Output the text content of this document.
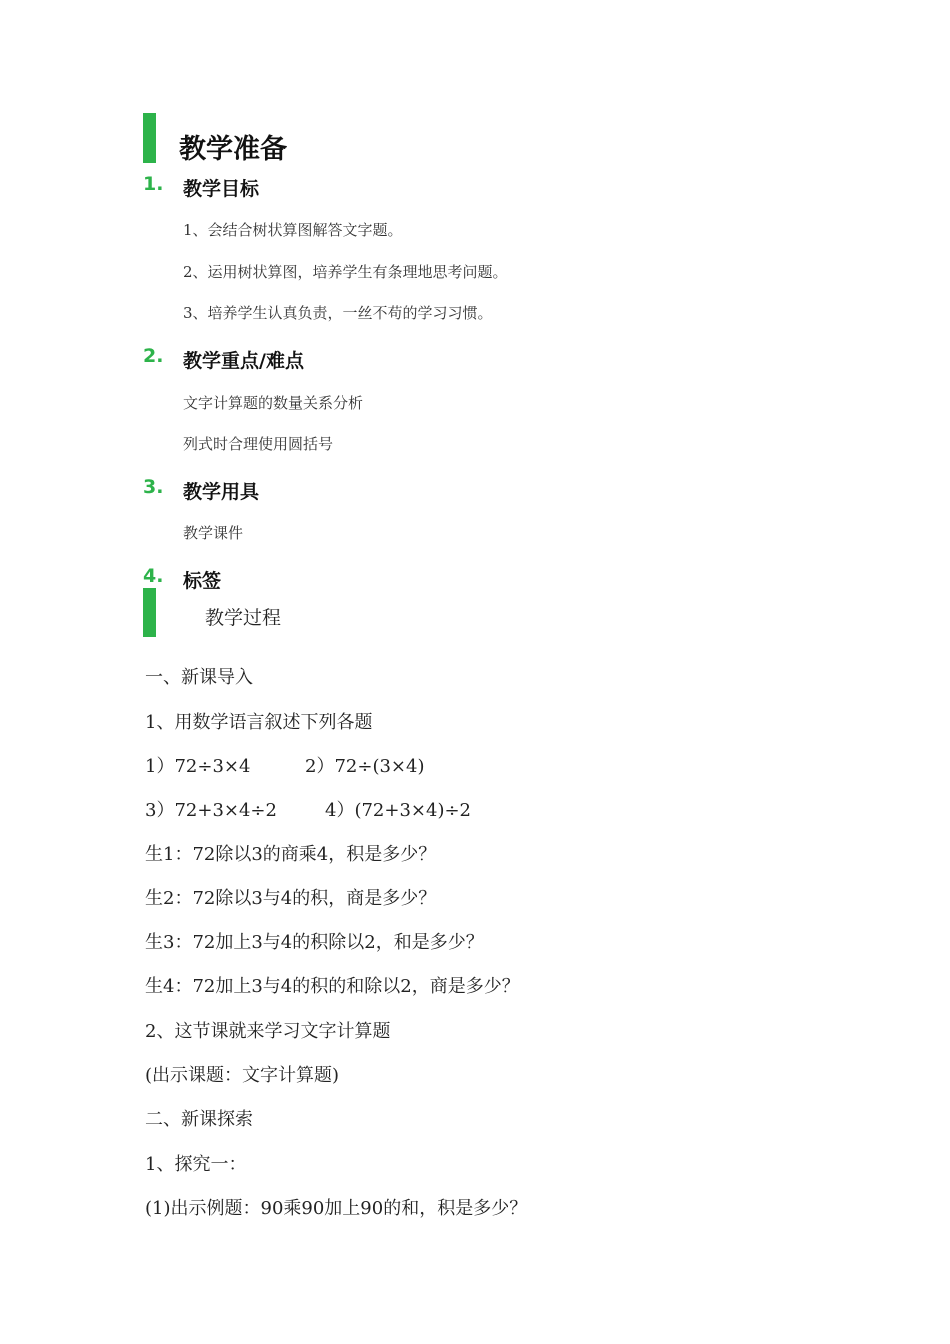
教学准备
1. 教学目标
1、会结合树状算图解答文字题。
2、运用树状算图，培养学生有条理地思考问题。
3、培养学生认真负责，一丝不苟的学习习惯。
2. 教学重点/难点
文字计算题的数量关系分析
列式时合理使用圆括号
3. 教学用具
教学课件
4. 标签
教学过程
一、新课导入
1、用数学语言叙述下列各题
1）72÷3×4	2）72÷(3×4)
3）72+3×4÷2	4）(72+3×4)÷2
生1：72除以3的商乘4，积是多少？
生2：72除以3与4的积，商是多少？
生3：72加上3与4的积除以2，和是多少？
生4：72加上3与4的积的和除以2，商是多少？
2、这节课就来学习文字计算题
(出示课题：文字计算题)
二、新课探索
1、探究一：
(1)出示例题：90乘90加上90的和，积是多少？
